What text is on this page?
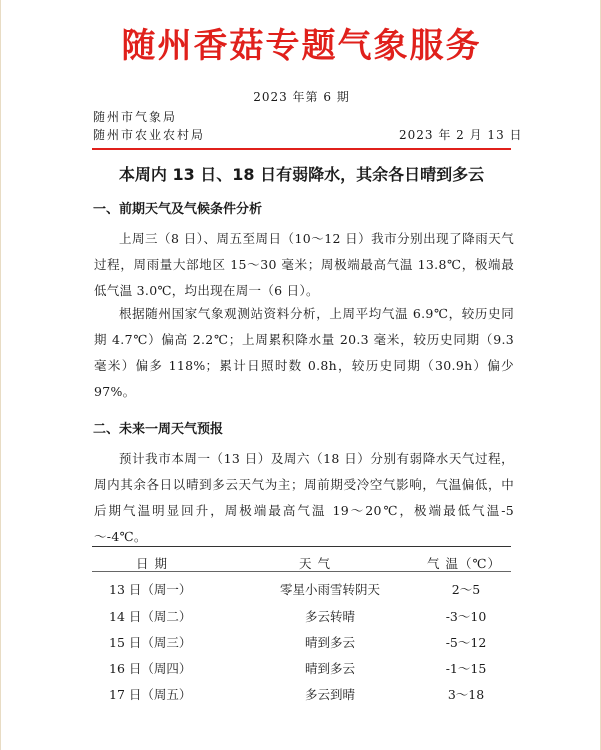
随州香菇专题气象服务
2023 年第 6 期
随州市气象局
随州市农业农村局	2023 年 2 月 13 日
本周内 13 日、18 日有弱降水，其余各日晴到多云
一、前期天气及气候条件分析
上周三（8 日）、周五至周日（10～12 日）我市分别出现了降雨天气过程，周雨量大部地区 15～30 毫米；周极端最高气温 13.8℃，极端最低气温 3.0℃，均出现在周一（6 日）。
根据随州国家气象观测站资料分析，上周平均气温 6.9℃，较历史同期 4.7℃）偏高 2.2℃；上周累积降水量 20.3 毫米，较历史同期（9.3 毫米）偏多 118%；累计日照时数 0.8h，较历史同期（30.9h）偏少 97%。
二、未来一周天气预报
预计我市本周一（13 日）及周六（18 日）分别有弱降水天气过程，周内其余各日以晴到多云天气为主；周前期受冷空气影响，气温偏低，中后期气温明显回升，周极端最高气温 19～20℃，极端最低气温-5～-4℃。
日 期	天 气	气 温（℃）
13 日（周一）	零星小雨雪转阴天	2～5
14 日（周二）	多云转晴	-3～10
15 日（周三）	晴到多云	-5～12
16 日（周四）	晴到多云	-1～15
17 日（周五）	多云到晴	3～18
